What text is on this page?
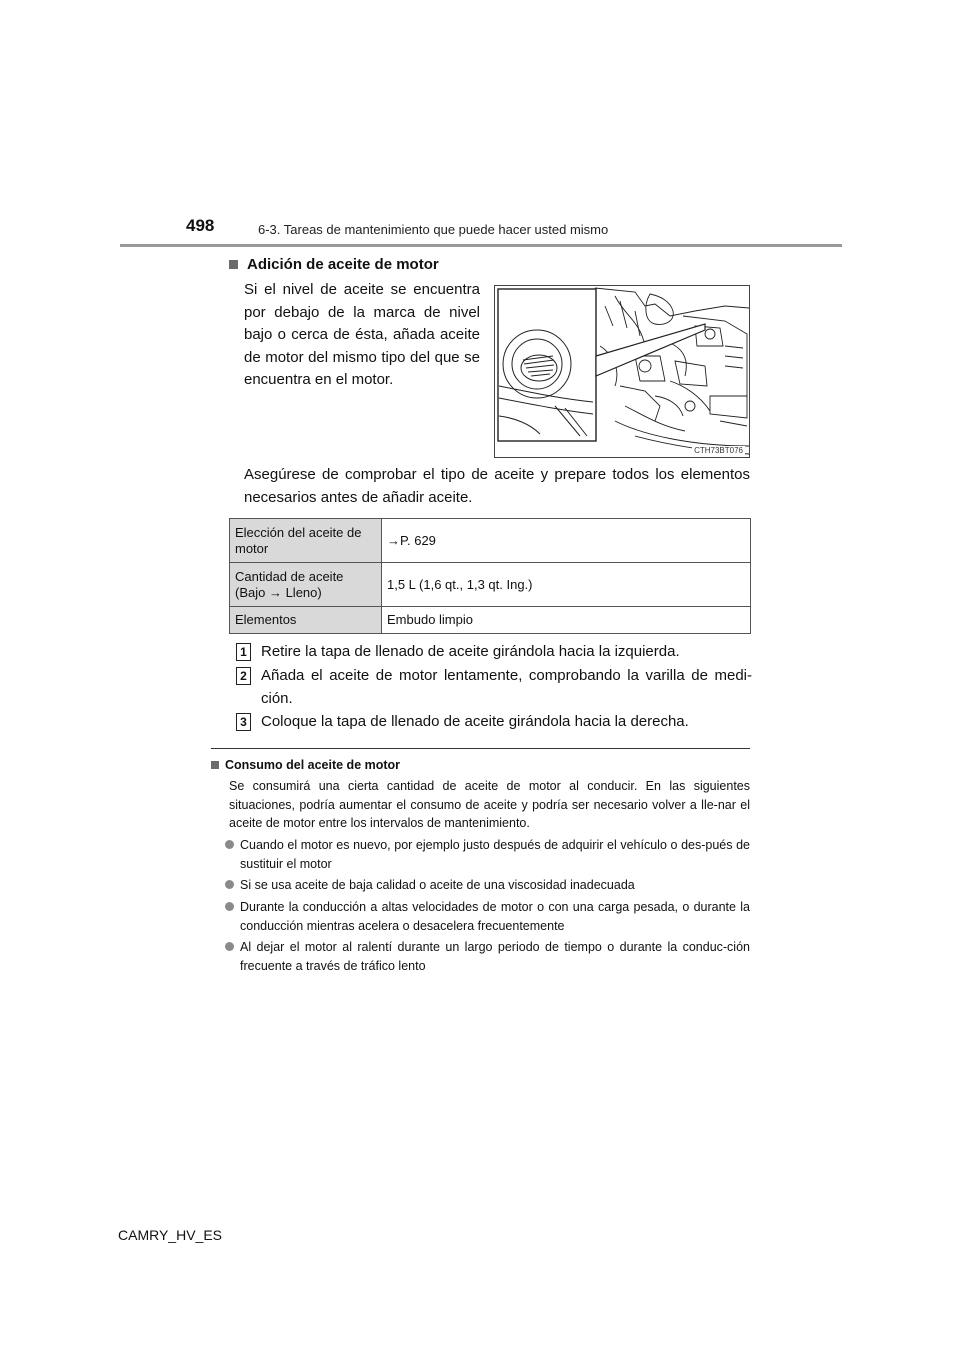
498	6-3. Tareas de mantenimiento que puede hacer usted mismo
Adición de aceite de motor
Si el nivel de aceite se encuentra por debajo de la marca de nivel bajo o cerca de ésta, añada aceite de motor del mismo tipo del que se encuentra en el motor.
CTH73BT076
Asegúrese de comprobar el tipo de aceite y prepare todos los elementos necesarios antes de añadir aceite.
Elección del aceite de motor	→P. 629
Cantidad de aceite (Bajo → Lleno)	1,5 L (1,6 qt., 1,3 qt. Ing.)
Elementos	Embudo limpio
1 Retire la tapa de llenado de aceite girándola hacia la izquierda.
2 Añada el aceite de motor lentamente, comprobando la varilla de medi-ción.
3 Coloque la tapa de llenado de aceite girándola hacia la derecha.
Consumo del aceite de motor
Se consumirá una cierta cantidad de aceite de motor al conducir. En las siguientes situaciones, podría aumentar el consumo de aceite y podría ser necesario volver a lle-nar el aceite de motor entre los intervalos de mantenimiento.
Cuando el motor es nuevo, por ejemplo justo después de adquirir el vehículo o des-pués de sustituir el motor
Si se usa aceite de baja calidad o aceite de una viscosidad inadecuada
Durante la conducción a altas velocidades de motor o con una carga pesada, o durante la conducción mientras acelera o desacelera frecuentemente
Al dejar el motor al ralentí durante un largo periodo de tiempo o durante la conduc-ción frecuente a través de tráfico lento
CAMRY_HV_ES
